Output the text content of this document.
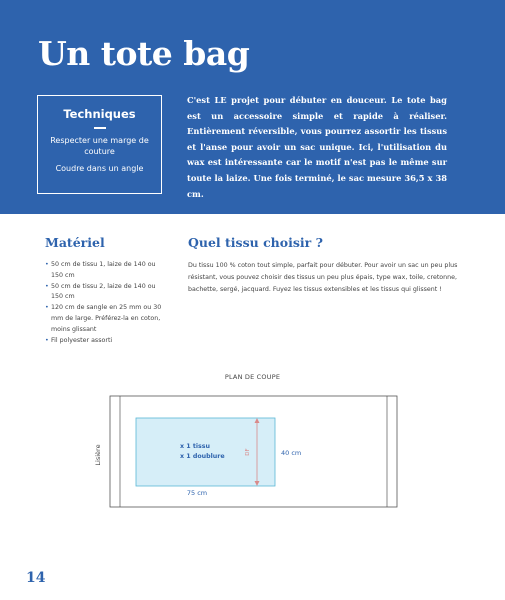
Un tote bag
Techniques
Respecter une marge de couture
Coudre dans un angle
C'est LE projet pour débuter en douceur. Le tote bag est un accessoire simple et rapide à réaliser. Entièrement réversible, vous pourrez assortir les tissus et l'anse pour avoir un sac unique. Ici, l'utilisation du wax est intéressante car le motif n'est pas le même sur toute la laize. Une fois terminé, le sac mesure 36,5 x 38 cm.
Matériel
• 50 cm de tissu 1, laize de 140 ou 150 cm
• 50 cm de tissu 2, laize de 140 ou 150 cm
• 120 cm de sangle en 25 mm ou 30 mm de large. Préférez-la en coton, moins glissant
• Fil polyester assorti
Quel tissu choisir ?
Du tissu 100 % coton tout simple, parfait pour débuter. Pour avoir un sac un peu plus résistant, vous pouvez choisir des tissus un peu plus épais, type wax, toile, cretonne, bachette, sergé, jacquard. Fuyez les tissus extensibles et les tissus qui glissent !
PLAN DE COUPE
Lisière	x 1 tissu
x 1 doublure
DF	40 cm
75 cm
14
